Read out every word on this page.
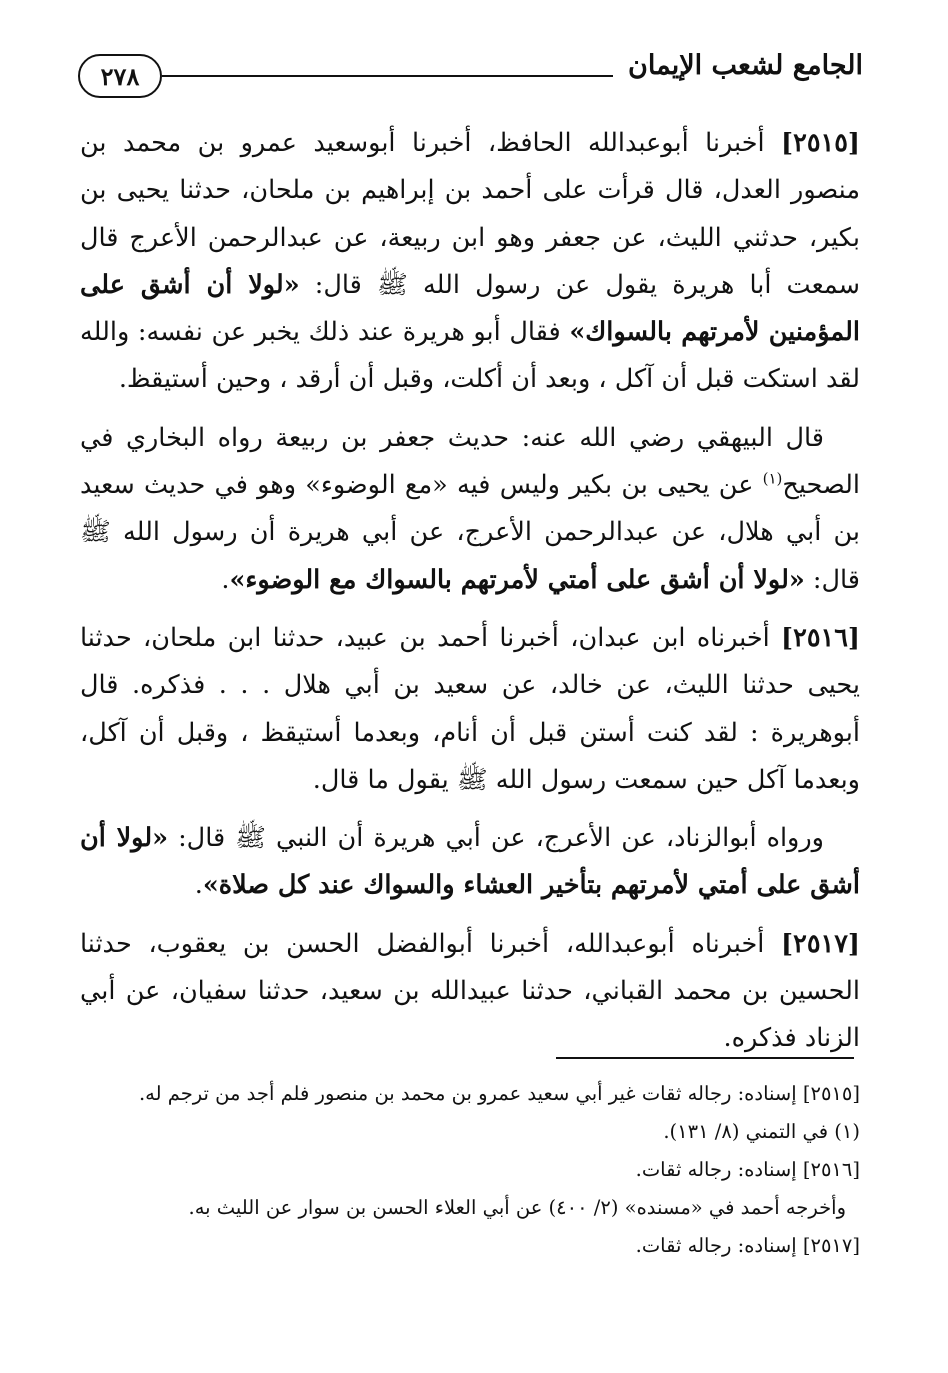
٢٧٨	الجامع لشعب الإيمان

[٢٥١٥] أخبرنا أبوعبدالله الحافظ، أخبرنا أبوسعيد عمرو بن محمد بن منصور العدل، قال قرأت على أحمد بن إبراهيم بن ملحان، حدثنا يحيى بن بكير، حدثني الليث، عن جعفر وهو ابن ربيعة، عن عبدالرحمن الأعرج قال سمعت أبا هريرة يقول عن رسول الله ﷺ قال: «لولا أن أشق على المؤمنين لأمرتهم بالسواك» فقال أبو هريرة عند ذلك يخبر عن نفسه: والله لقد استكت قبل أن آكل ، وبعد أن أكلت، وقبل أن أرقد ، وحين أستيقظ.

قال البيهقي رضي الله عنه: حديث جعفر بن ربيعة رواه البخاري في الصحيح$^{(١)}$ عن يحيى بن بكير وليس فيه «مع الوضوء» وهو في حديث سعيد بن أبي هلال، عن عبدالرحمن الأعرج، عن أبي هريرة أن رسول الله ﷺ قال: «لولا أن أشق على أمتي لأمرتهم بالسواك مع الوضوء».

[٢٥١٦] أخبرناه ابن عبدان، أخبرنا أحمد بن عبيد، حدثنا ابن ملحان، حدثنا يحيى حدثنا الليث، عن خالد، عن سعيد بن أبي هلال . . . فذكره. قال أبوهريرة : لقد كنت أستن قبل أن أنام، وبعدما أستيقظ ، وقبل أن آكل، وبعدما آكل حين سمعت رسول الله ﷺ يقول ما قال.

ورواه أبوالزناد، عن الأعرج، عن أبي هريرة أن النبي ﷺ قال: «لولا أن أشق على أمتي لأمرتهم بتأخير العشاء والسواك عند كل صلاة».

[٢٥١٧] أخبرناه أبوعبدالله، أخبرنا أبوالفضل الحسن بن يعقوب، حدثنا الحسين بن محمد القباني، حدثنا عبيدالله بن سعيد، حدثنا سفيان، عن أبي الزناد فذكره.

[٢٥١٥] إسناده: رجاله ثقات غير أبي سعيد عمرو بن محمد بن منصور فلم أجد من ترجم له.

(١) في التمني (٨/ ١٣١).

[٢٥١٦] إسناده: رجاله ثقات.

وأخرجه أحمد في «مسنده» (٢/ ٤٠٠) عن أبي العلاء الحسن بن سوار عن الليث به.

[٢٥١٧] إسناده: رجاله ثقات.
